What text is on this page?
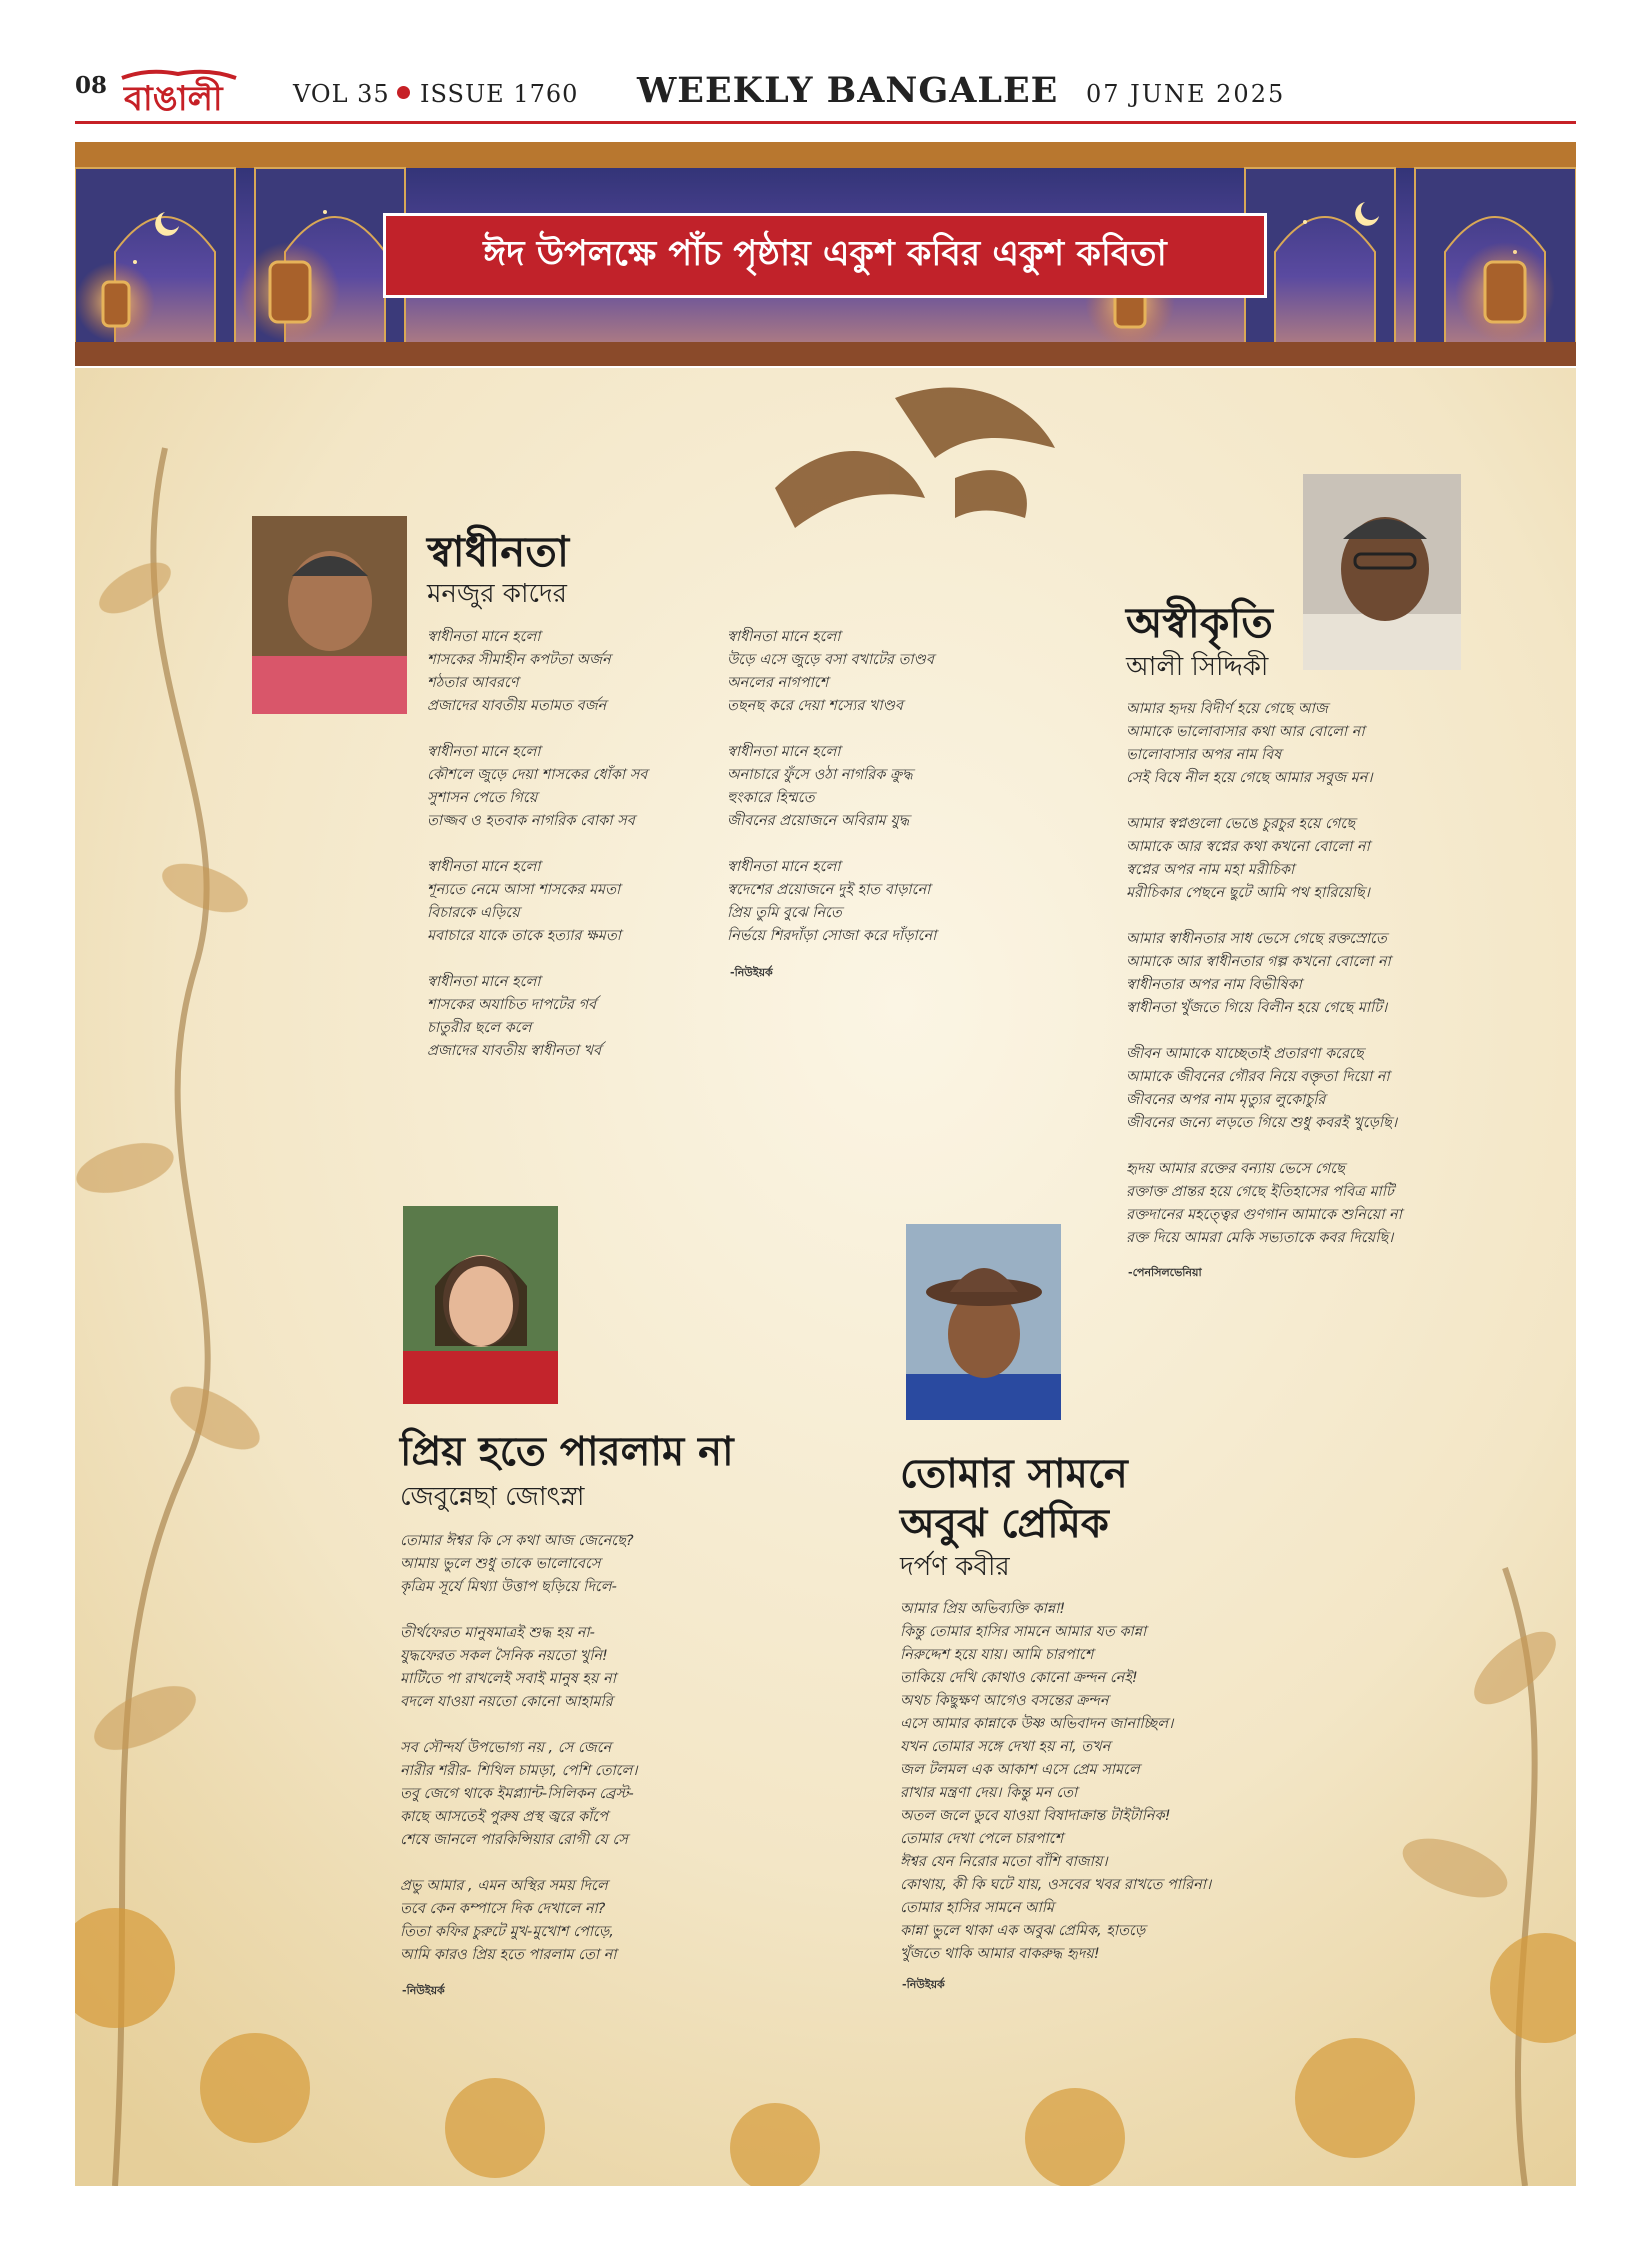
08 বাঙালী	VOL 35 ISSUE 1760 WEEKLY BANGALEE 07 JUNE 2025
ঈদ উপলক্ষে পাঁচ পৃষ্ঠায় একুশ কবির একুশ কবিতা
স্বাধীনতা
মনজুর কাদের
স্বাধীনতা মানে হলো
শাসকের সীমাহীন কপটতা অর্জন
শঠতার আবরণে
প্রজাদের যাবতীয় মতামত বর্জন
স্বাধীনতা মানে হলো
কৌশলে জুড়ে দেয়া শাসকের ধোঁকা সব
সুশাসন পেতে গিয়ে
তাজ্জব ও হতবাক নাগরিক বোকা সব
স্বাধীনতা মানে হলো
শূন্যতে নেমে আসা শাসকের মমতা
বিচারকে এড়িয়ে
মবাচারে যাকে তাকে হত্যার ক্ষমতা
স্বাধীনতা মানে হলো
শাসকের অযাচিত দাপটের গর্ব
চাতুরীর ছলে কলে
প্রজাদের যাবতীয় স্বাধীনতা খর্ব
স্বাধীনতা মানে হলো
উড়ে এসে জুড়ে বসা বখাটের তাণ্ডব
অনলের নাগপাশে
তছনছ করে দেয়া শস্যের খাণ্ডব
স্বাধীনতা মানে হলো
অনাচারে ফুঁসে ওঠা নাগরিক ক্রুদ্ধ
হুংকারে হিম্মতে
জীবনের প্রয়োজনে অবিরাম যুদ্ধ
স্বাধীনতা মানে হলো
স্বদেশের প্রয়োজনে দুই হাত বাড়ানো
প্রিয় তুমি বুঝে নিতে
নির্ভয়ে শিরদাঁড়া সোজা করে দাঁড়ানো
-নিউইয়র্ক
অস্বীকৃতি
আলী সিদ্দিকী
আমার হৃদয় বিদীর্ণ হয়ে গেছে আজ
আমাকে ভালোবাসার কথা আর বোলো না
ভালোবাসার অপর নাম বিষ
সেই বিষে নীল হয়ে গেছে আমার সবুজ মন।
আমার স্বপ্নগুলো ভেঙে চুরচুর হয়ে গেছে
আমাকে আর স্বপ্নের কথা কখনো বোলো না
স্বপ্নের অপর নাম মহা মরীচিকা
মরীচিকার পেছনে ছুটে আমি পথ হারিয়েছি।
আমার স্বাধীনতার সাধ ভেসে গেছে রক্তস্রোতে
আমাকে আর স্বাধীনতার গল্প কখনো বোলো না
স্বাধীনতার অপর নাম বিভীষিকা
স্বাধীনতা খুঁজতে গিয়ে বিলীন হয়ে গেছে মাটি।
জীবন আমাকে যাচ্ছেতাই প্রতারণা করেছে
আমাকে জীবনের গৌরব নিয়ে বক্তৃতা দিয়ো না
জীবনের অপর নাম মৃত্যুর লুকোচুরি
জীবনের জন্যে লড়তে গিয়ে শুধু কবরই খুড়েছি।
হৃদয় আমার রক্তের বন্যায় ভেসে গেছে
রক্তাক্ত প্রান্তর হয়ে গেছে ইতিহাসের পবিত্র মাটি
রক্তদানের মহত্ত্বের গুণগান আমাকে শুনিয়ো না
রক্ত দিয়ে আমরা মেকি সভ্যতাকে কবর দিয়েছি।
-পেনসিলভেনিয়া
প্রিয় হতে পারলাম না
জেবুন্নেছা জোৎস্না
তোমার ঈশ্বর কি সে কথা আজ জেনেছে?
আমায় ভুলে শুধু তাকে ভালোবেসে
কৃত্রিম সূর্যে মিথ্যা উত্তাপ ছড়িয়ে দিলে-
তীর্থফেরত মানুষমাত্রই শুদ্ধ হয় না-
যুদ্ধফেরত সকল সৈনিক নয়তো খুনি!
মাটিতে পা রাখলেই সবাই মানুষ হয় না
বদলে যাওয়া নয়তো কোনো আহামরি
সব সৌন্দর্য উপভোগ্য নয় , সে জেনে
নারীর শরীর- শিথিল চামড়া, পেশি তোলে।
তবু জেগে থাকে ইমপ্ল্যান্ট-সিলিকন ব্রেস্ট-
কাছে আসতেই পুরুষ প্রস্থ জ্বরে কাঁপে
শেষে জানলে পারকিন্সিয়ার রোগী যে সে
প্রভু আমার , এমন অস্থির সময় দিলে
তবে কেন কম্পাসে দিক দেখালে না?
তিতা কফির চুরুটে মুখ-মুখোশ পোড়ে,
আমি কারও প্রিয় হতে পারলাম তো না
-নিউইয়র্ক
তোমার সামনে
অবুঝ প্রেমিক
দর্পণ কবীর
আমার প্রিয় অভিব্যক্তি কান্না!
কিন্তু তোমার হাসির সামনে আমার যত কান্না
নিরুদ্দেশ হয়ে যায়। আমি চারপাশে
তাকিয়ে দেখি কোথাও কোনো ক্রন্দন নেই!
অথচ কিছুক্ষণ আগেও বসন্তের ক্রন্দন
এসে আমার কান্নাকে উষ্ণ অভিবাদন জানাচ্ছিল।
যখন তোমার সঙ্গে দেখা হয় না, তখন
জল টলমল এক আকাশ এসে প্রেম সামলে
রাখার মন্ত্রণা দেয়। কিন্তু মন তো
অতল জলে ডুবে যাওয়া বিষাদাক্রান্ত টাইটানিক!
তোমার দেখা পেলে চারপাশে
ঈশ্বর যেন নিরোর মতো বাঁশি বাজায়।
কোথায়, কী কি ঘটে যায়, ওসবের খবর রাখতে পারিনা।
তোমার হাসির সামনে আমি
কান্না ভুলে থাকা এক অবুঝ প্রেমিক, হাতড়ে
খুঁজতে থাকি আমার বাকরুদ্ধ হৃদয়!
-নিউইয়র্ক
